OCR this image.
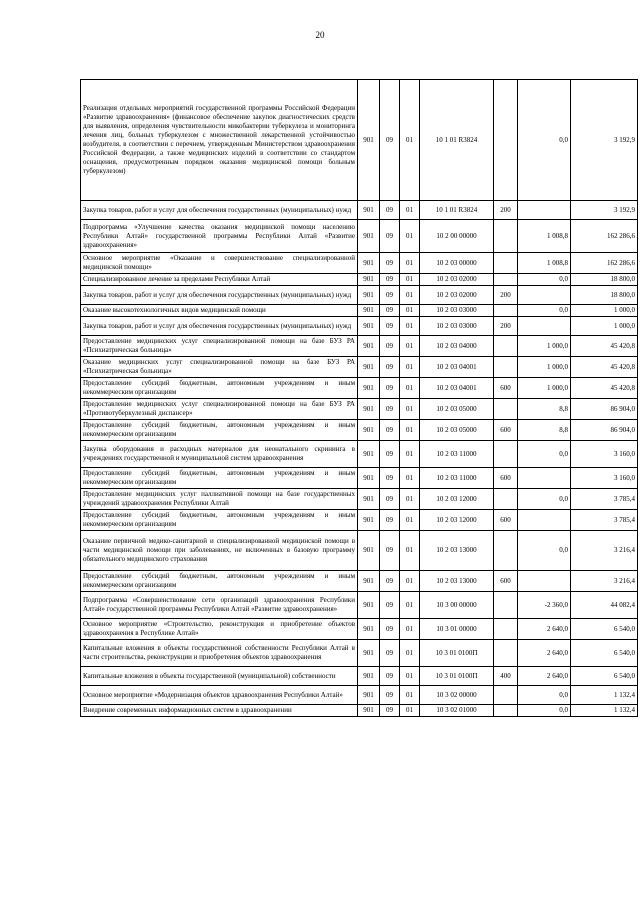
20
Реализация отдельных мероприятий государственной программы Российской Федерации «Развитие здравоохранения» (финансовое обеспечение закупок диагностических средств для выявления, определения чувствительности микобактерии туберкулеза и мониторинга лечения лиц, больных туберкулезом с множественной лекарственной устойчивостью возбудителя, в соответствии с перечнем, утвержденным Министерством здравоохранения Российской Федерации, а также медицинских изделий в соответствии со стандартом оснащения, предусмотренным порядком оказания медицинской помощи больным туберкулезом)	901	09	01	10 1 01 R3824		0,0	3 192,9
Закупка товаров, работ и услуг для обеспечения государственных (муниципальных) нужд	901	09	01	10 1 01 R3824	200		3 192,9
Подпрограмма «Улучшение качества оказания медицинской помощи населению Республики Алтай» государственной программы Республики Алтай «Развитие здравоохранения»	901	09	01	10 2 00 00000		1 008,8	162 286,6
Основное мероприятие «Оказание и совершенствование специализированной медицинской помощи»	901	09	01	10 2 03 00000		1 008,8	162 286,6
Специализированное лечение за пределами Республики Алтай	901	09	01	10 2 03 02000		0,0	18 800,0
Закупка товаров, работ и услуг для обеспечения государственных (муниципальных) нужд	901	09	01	10 2 03 02000	200		18 800,0
Оказание высокотехнологичных видов медицинской помощи	901	09	01	10 2 03 03000		0,0	1 000,0
Закупка товаров, работ и услуг для обеспечения государственных (муниципальных) нужд	901	09	01	10 2 03 03000	200		1 000,0
Предоставление медицинских услуг специализированной помощи на базе БУЗ РА «Психиатрическая больница»	901	09	01	10 2 03 04000		1 000,0	45 420,8
Оказание медицинских услуг специализированной помощи на базе БУЗ РА «Психиатрическая больница»	901	09	01	10 2 03 04001		1 000,0	45 420,8
Предоставление субсидий бюджетным, автономным учреждениям и иным некоммерческим организациям	901	09	01	10 2 03 04001	600	1 000,0	45 420,8
Предоставление медицинских услуг специализированной помощи на базе БУЗ РА «Противотуберкулезный диспансер»	901	09	01	10 2 03 05000		8,8	86 904,0
Предоставление субсидий бюджетным, автономным учреждениям и иным некоммерческим организациям	901	09	01	10 2 03 05000	600	8,8	86 904,0
Закупка оборудования и расходных материалов для неонатального скрининга в учреждениях государственной и муниципальной систем здравоохранения	901	09	01	10 2 03 11000		0,0	3 160,0
Предоставление субсидий бюджетным, автономным учреждениям и иным некоммерческим организациям	901	09	01	10 2 03 11000	600		3 160,0
Предоставление медицинских услуг паллиативной помощи на базе государственных учреждений здравоохранения Республики Алтай	901	09	01	10 2 03 12000		0,0	3 785,4
Предоставление субсидий бюджетным, автономным учреждениям и иным некоммерческим организациям	901	09	01	10 2 03 12000	600		3 785,4
Оказание первичной медико-санитарной и специализированной медицинской помощи в части медицинской помощи при заболеваниях, не включенных в базовую программу обязательного медицинского страхования	901	09	01	10 2 03 13000		0,0	3 216,4
Предоставление субсидий бюджетным, автономным учреждениям и иным некоммерческим организациям	901	09	01	10 2 03 13000	600		3 216,4
Подпрограмма «Совершенствование сети организаций здравоохранения Республики Алтай» государственной программы Республики Алтай «Развитие здравоохранения»	901	09	01	10 3 00 00000		-2 360,0	44 082,4
Основное мероприятие «Строительство, реконструкция и приобретение объектов здравоохранения в Республике Алтай»	901	09	01	10 3 01 00000		2 640,0	6 540,0
Капитальные вложения в объекты государственной собственности Республики Алтай в части строительства, реконструкции и приобретения объектов здравоохранения	901	09	01	10 3 01 0100П		2 640,0	6 540,0
Капитальные вложения в объекты государственной (муниципальной) собственности	901	09	01	10 3 01 0100П	400	2 640,0	6 540,0
Основное мероприятие «Модернизация объектов здравоохранения Республики Алтай»	901	09	01	10 3 02 00000		0,0	1 132,4
Внедрение современных информационных систем в здравоохранении	901	09	01	10 3 02 01000		0,0	1 132,4
